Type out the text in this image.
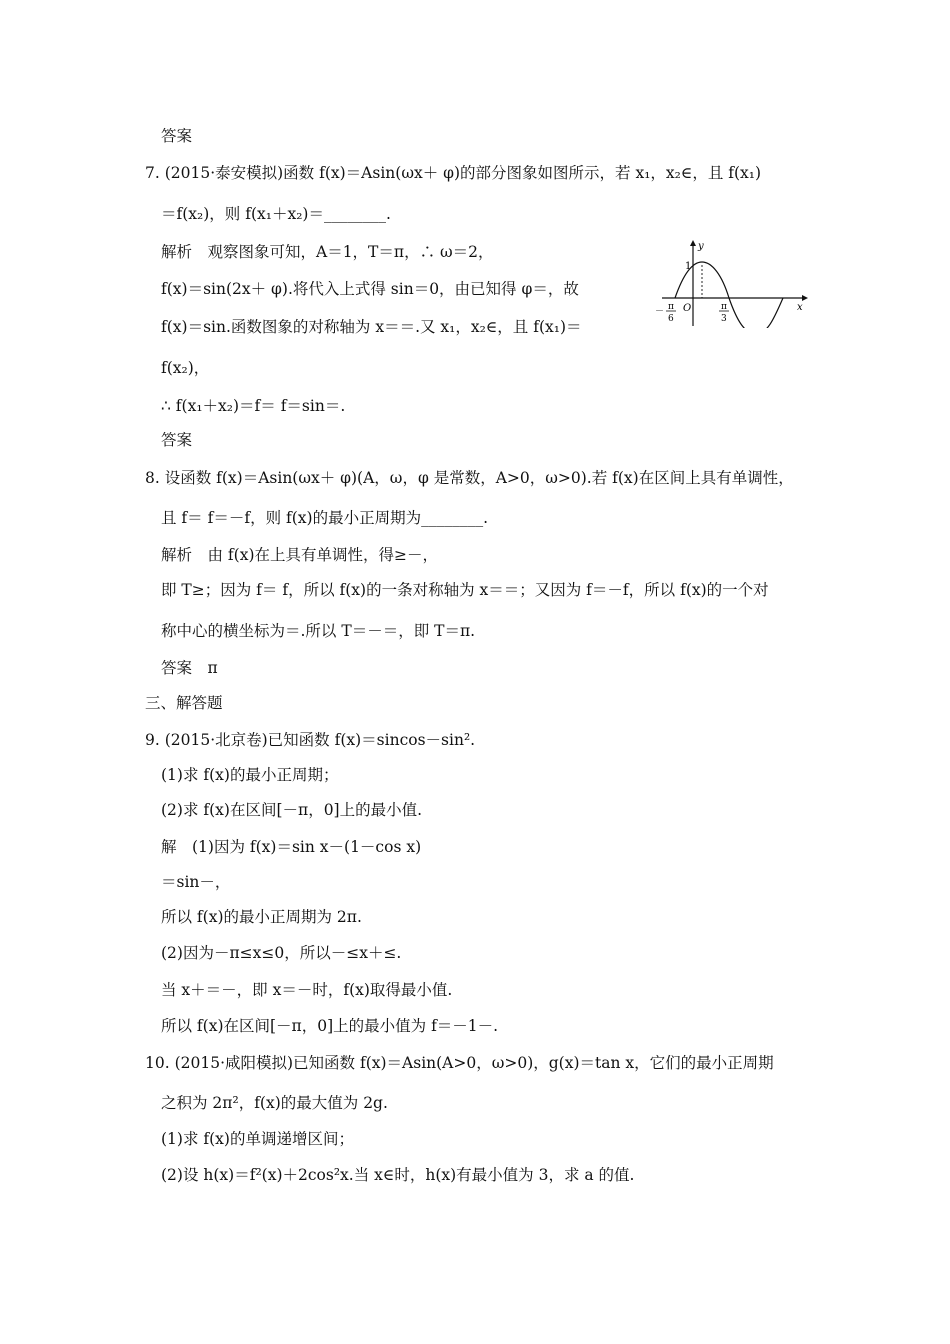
答案
7. (2015·泰安模拟)函数 f(x)＝Asin(ωx＋ φ)的部分图象如图所示，若 x₁，x₂∈，且 f(x₁)
＝f(x₂)，则 f(x₁＋x₂)＝________.
解析　观察图象可知，A＝1，T＝π，∴ ω＝2，
f(x)＝sin(2x＋ φ).将代入上式得 sin＝0，由已知得 φ＝，故
f(x)＝sin.函数图象的对称轴为 x＝＝.又 x₁，x₂∈，且 f(x₁)＝
f(x₂)，
∴ f(x₁＋x₂)＝f＝ f＝sin＝.
答案
y
x
O
1
－ π
6
π
3
8. 设函数 f(x)＝Asin(ωx＋ φ)(A，ω，φ 是常数，A>0，ω>0).若 f(x)在区间上具有单调性，
且 f＝ f＝－f，则 f(x)的最小正周期为________.
解析　由 f(x)在上具有单调性，得≥－，
即 T≥；因为 f＝ f，所以 f(x)的一条对称轴为 x＝＝；又因为 f＝－f，所以 f(x)的一个对
称中心的横坐标为＝.所以 T＝－＝，即 T＝π.
答案　π
三、解答题
9. (2015·北京卷)已知函数 f(x)＝sincos－sin².
(1)求 f(x)的最小正周期；
(2)求 f(x)在区间[－π，0]上的最小值.
解　(1)因为 f(x)＝sin x－(1－cos x)
＝sin－，
所以 f(x)的最小正周期为 2π.
(2)因为－π≤x≤0，所以－≤x＋≤.
当 x＋＝－，即 x＝－时，f(x)取得最小值.
所以 f(x)在区间[－π，0]上的最小值为 f＝－1－.
10. (2015·咸阳模拟)已知函数 f(x)＝Asin(A>0，ω>0)，g(x)＝tan x，它们的最小正周期
之积为 2π²，f(x)的最大值为 2g.
(1)求 f(x)的单调递增区间；
(2)设 h(x)＝f²(x)＋2cos²x.当 x∈时，h(x)有最小值为 3，求 a 的值.
